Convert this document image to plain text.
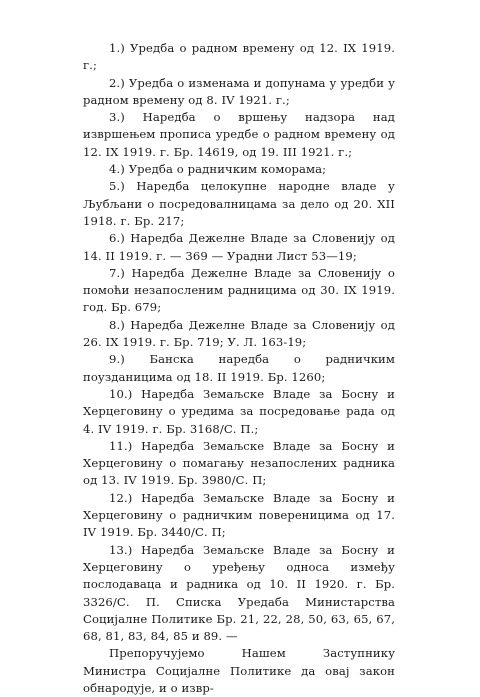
1.) Уредба о радном времену од 12. IX 1919. г.;

2.) Уредба о изменама и допунама у уредби у радном времену од 8. IV 1921. г.;

3.) Наредба о вршењу надзора над извршењем прописа уредбе о радном времену од 12. IX 1919. г. Бр. 14619, од 19. III 1921. г.;

4.) Уредба о радничким коморама;

5.) Наредба целокупне народне владе у Љубљани о посредовалницама за дело од 20. XII 1918. г. Бр. 217;

6.) Наредба Дежелне Владе за Словенију од 14. II 1919. г. — 369 — Урадни Лист 53—19;

7.) Наредба Дежелне Владе за Словенију о помоћи незапосленим радницима од 30. IX 1919. год. Бр. 679;

8.) Наредба Дежелне Владе за Словенију од 26. IX 1919. г. Бр. 719; У. Л. 163-19;

9.) Банска наредба о радничким поузданицима од 18. II 1919. Бр. 1260;

10.) Наредба Земаљске Владе за Босну и Херцеговину о уредима за посредовање рада од 4. IV 1919. г. Бр. 3168/С. П.;

11.) Наредба Земаљске Владе за Босну и Херцеговину о помагању незапослених радника од 13. IV 1919. Бр. 3980/С. П;

12.) Наредба Земаљске Владе за Босну и Херцеговину о радничким повереницима од 17. IV 1919. Бр. 3440/С. П;

13.) Наредба Земаљске Владе за Босну и Херцеговину о уређењу односа између послодаваца и радника од 10. II 1920. г. Бр. 3326/С. П. Списка Уредаба Министарства Социјалне Политике Бр. 21, 22, 28, 50, 63, 65, 67, 68, 81, 83, 84, 85 и 89. —

Препоручујемо Нашем Заступнику Министра Социјалне Политике да овај закон обнародује, и о извр-
